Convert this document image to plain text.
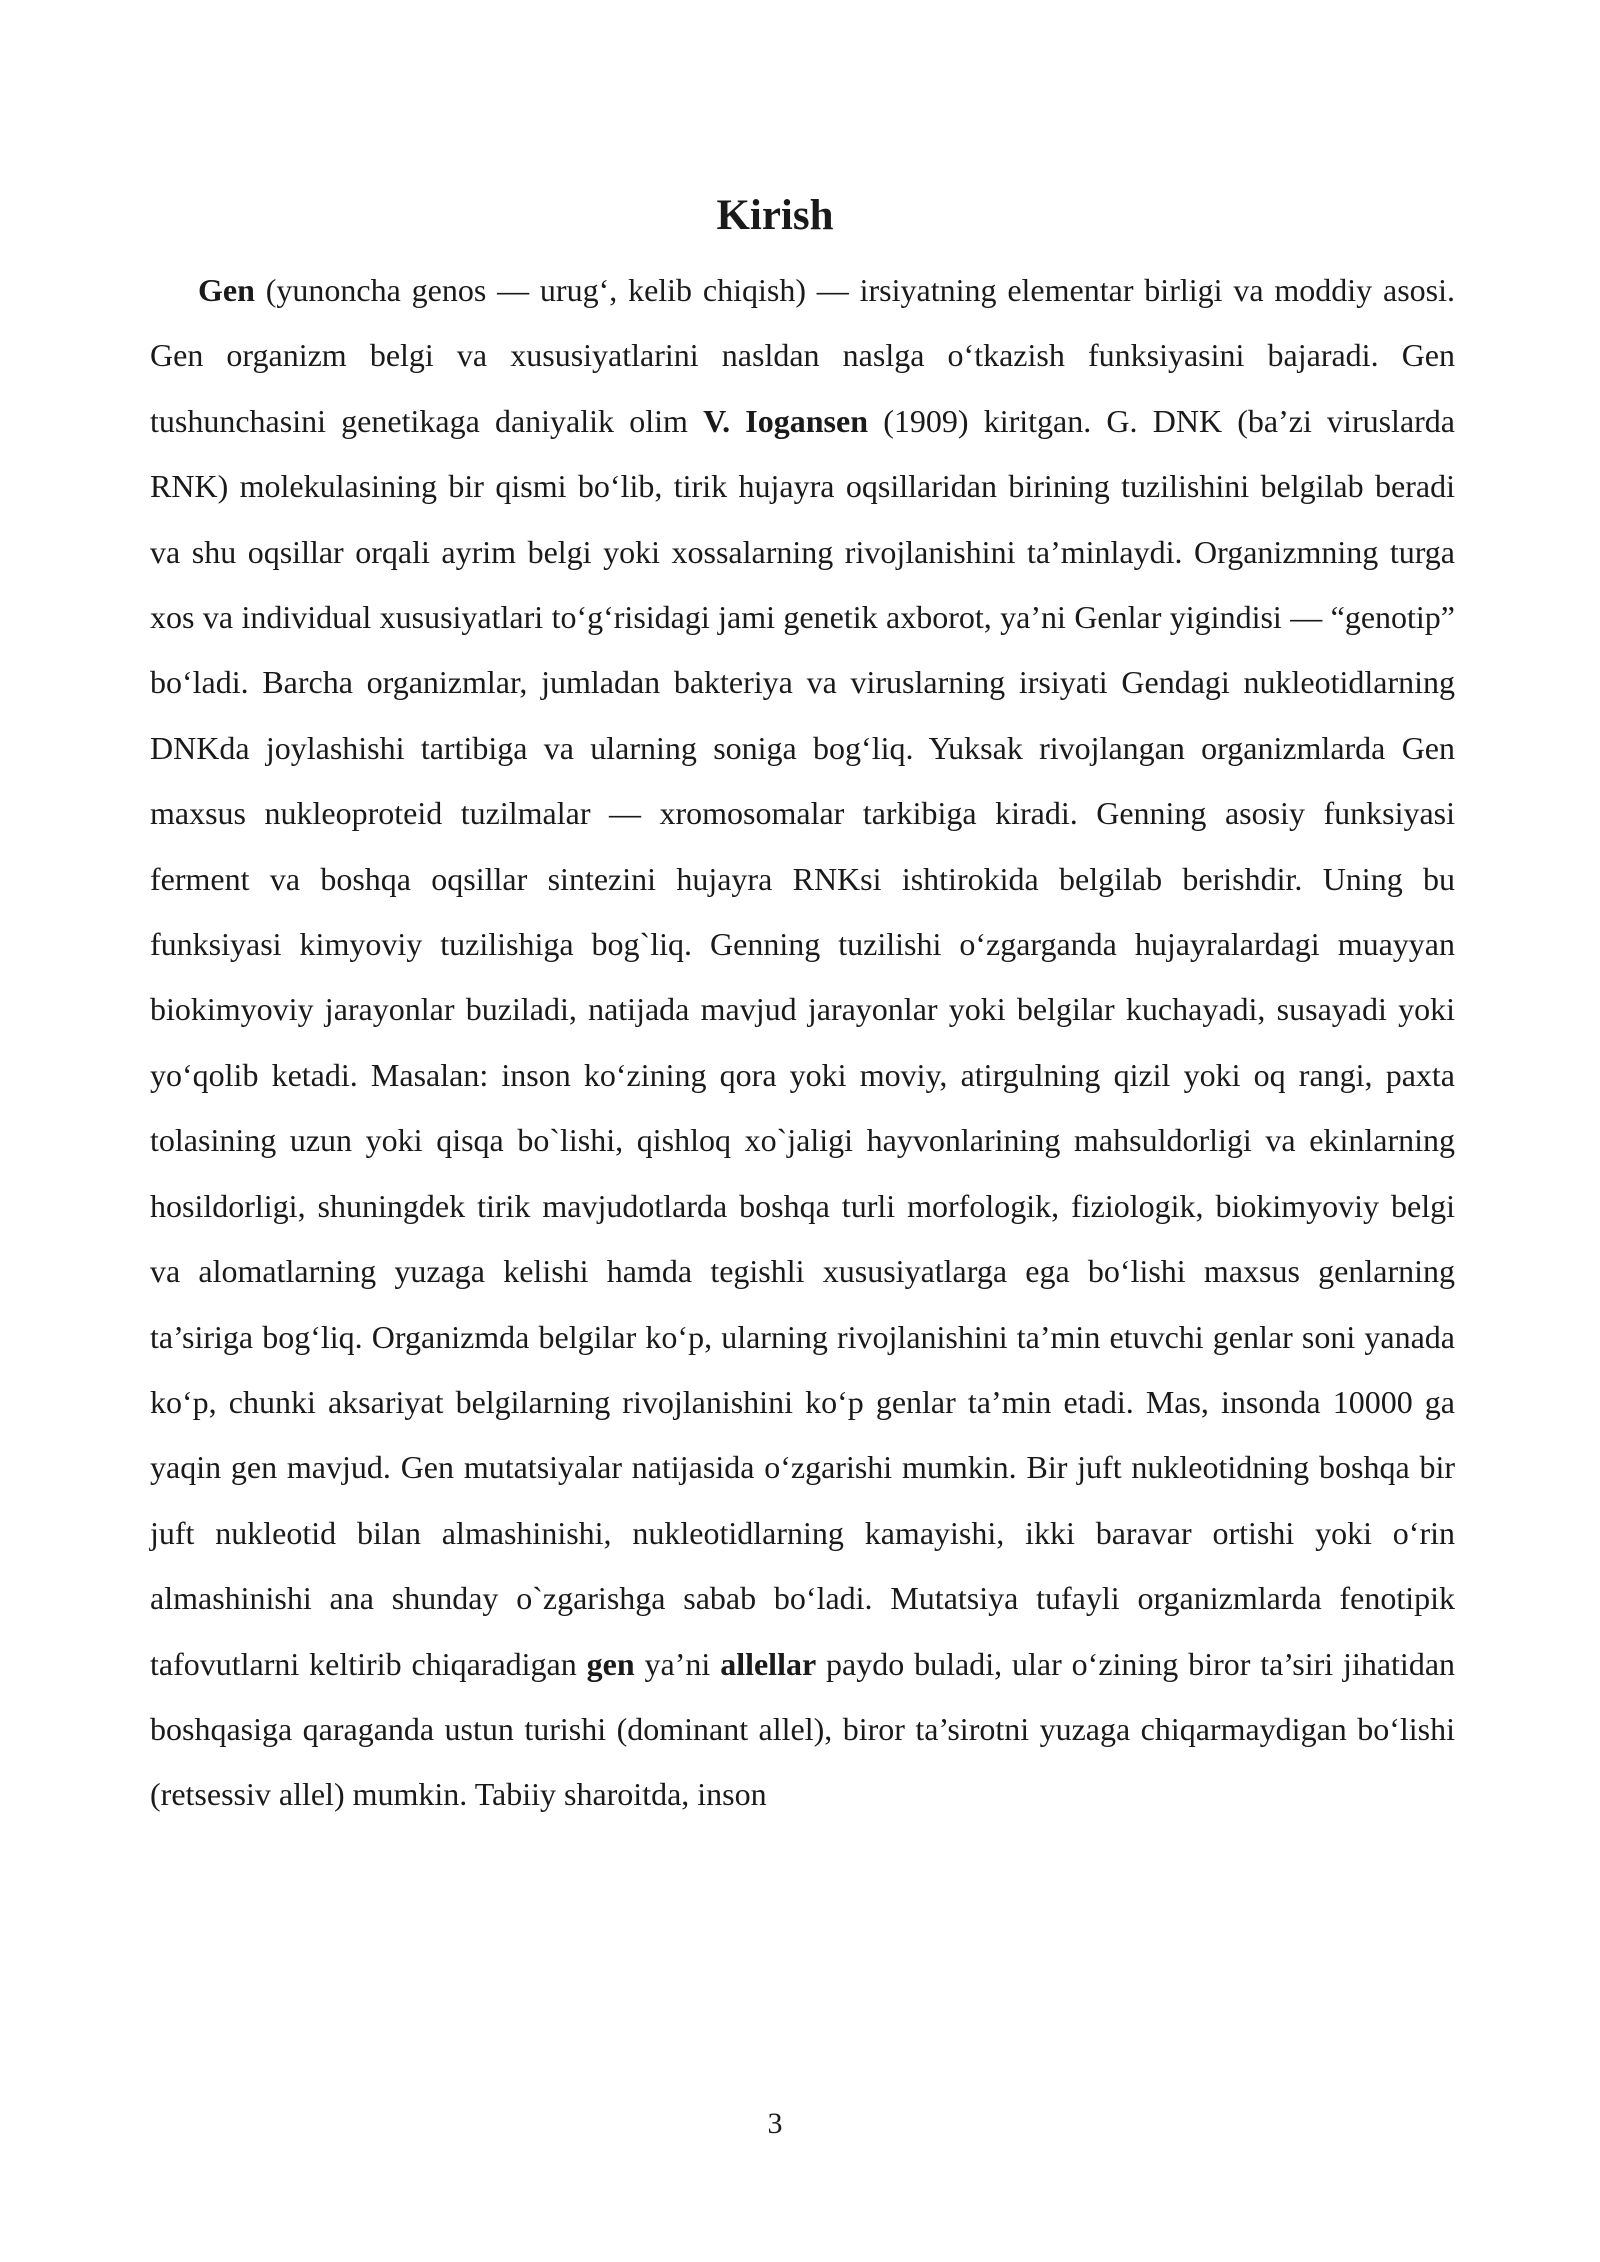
Kirish

Gen (yunoncha genos — urug‘, kelib chiqish) — irsiyatning elementar birligi va moddiy asosi. Gen organizm belgi va xususiyatlarini nasldan naslga o‘tkazish funksiyasini bajaradi. Gen tushunchasini genetikaga daniyalik olim V. Iogansen (1909) kiritgan. G. DNK (ba’zi viruslarda RNK) molekulasining bir qismi bo‘lib, tirik hujayra oqsillaridan birining tuzilishini belgilab beradi va shu oqsillar orqali ayrim belgi yoki xossalarning rivojlanishini ta’minlaydi. Organizmning turga xos va individual xususiyatlari to‘g‘risidagi jami genetik axborot, ya’ni Genlar yigindisi — “genotip” bo‘ladi. Barcha organizmlar, jumladan bakteriya va viruslarning irsiyati Gendagi nukleotidlarning DNKda joylashishi tartibiga va ularning soniga bog‘liq. Yuksak rivojlangan organizmlarda Gen maxsus nukleoproteid tuzilmalar — xromosomalar tarkibiga kiradi. Genning asosiy funksiyasi ferment va boshqa oqsillar sintezini hujayra RNKsi ishtirokida belgilab berishdir. Uning bu funksiyasi kimyoviy tuzilishiga bog`liq. Genning tuzilishi o‘zgarganda hujayralardagi muayyan biokimyoviy jarayonlar buziladi, natijada mavjud jarayonlar yoki belgilar kuchayadi, susayadi yoki yo‘qolib ketadi. Masalan: inson ko‘zining qora yoki moviy, atirgulning qizil yoki oq rangi, paxta tolasining uzun yoki qisqa bo`lishi, qishloq xo`jaligi hayvonlarining mahsuldorligi va ekinlarning hosildorligi, shuningdek tirik mavjudotlarda boshqa turli morfologik, fiziologik, biokimyoviy belgi va alomatlarning yuzaga kelishi hamda tegishli xususiyatlarga ega bo‘lishi maxsus genlarning ta’siriga bog‘liq. Organizmda belgilar ko‘p, ularning rivojlanishini ta’min etuvchi genlar soni yanada ko‘p, chunki aksariyat belgilarning rivojlanishini ko‘p genlar ta’min etadi. Mas, insonda 10000 ga yaqin gen mavjud. Gen mutatsiyalar natijasida o‘zgarishi mumkin. Bir juft nukleotidning boshqa bir juft nukleotid bilan almashinishi, nukleotidlarning kamayishi, ikki baravar ortishi yoki o‘rin almashinishi ana shunday o`zgarishga sabab bo‘ladi. Mutatsiya tufayli organizmlarda fenotipik tafovutlarni keltirib chiqaradigan gen ya’ni allellar paydo buladi, ular o‘zining biror ta’siri jihatidan boshqasiga qaraganda ustun turishi (dominant allel), biror ta’sirotni yuzaga chiqarmaydigan bo‘lishi (retsessiv allel) mumkin. Tabiiy sharoitda, inson

3
